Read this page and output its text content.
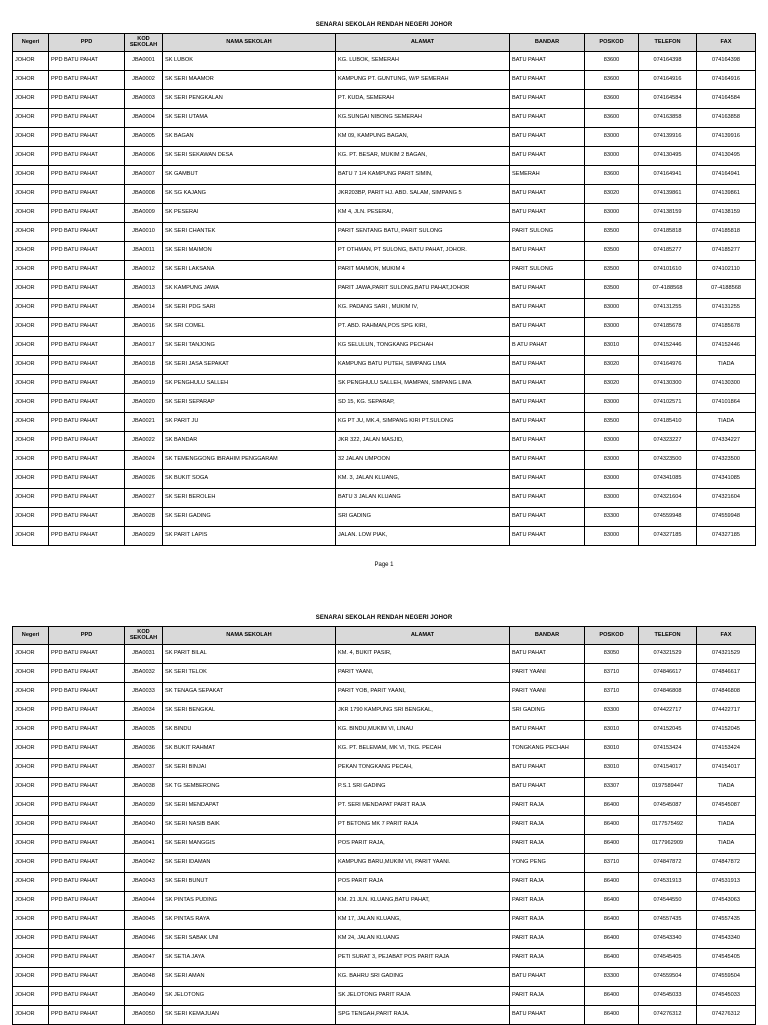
SENARAI SEKOLAH RENDAH NEGERI JOHOR
Negeri	PPD	KOD SEKOLAH	NAMA SEKOLAH	ALAMAT	BANDAR	POSKOD	TELEFON	FAX
JOHOR	PPD BATU PAHAT	JBA0001	SK LUBOK	KG. LUBOK, SEMERAH	BATU PAHAT	83600	074164398	074164398
JOHOR	PPD BATU PAHAT	JBA0002	SK SERI MAAMOR	KAMPUNG PT. GUNTUNG, W/P SEMERAH	BATU PAHAT	83600	074164916	074164916
JOHOR	PPD BATU PAHAT	JBA0003	SK SERI PENGKALAN	PT. KUDA, SEMERAH	BATU PAHAT	83600	074164584	074164584
JOHOR	PPD BATU PAHAT	JBA0004	SK SERI UTAMA	KG.SUNGAI NIBONG SEMERAH	BATU PAHAT	83600	074163858	074163858
JOHOR	PPD BATU PAHAT	JBA0005	SK BAGAN	KM 09, KAMPUNG BAGAN,	BATU PAHAT	83000	074139916	074139916
JOHOR	PPD BATU PAHAT	JBA0006	SK SERI SEKAWAN DESA	KG. PT. BESAR, MUKIM 2 BAGAN,	BATU PAHAT	83000	074130495	074130495
JOHOR	PPD BATU PAHAT	JBA0007	SK GAMBUT	BATU 7 1/4 KAMPUNG PARIT SIMIN,	SEMERAH	83600	074164941	074164941
JOHOR	PPD BATU PAHAT	JBA0008	SK SG KAJANG	JKR203BP, PARIT HJ. ABD. SALAM, SIMPANG 5	BATU PAHAT	83020	074139861	074139861
JOHOR	PPD BATU PAHAT	JBA0009	SK PESERAI	KM 4, JLN. PESERAI,	BATU PAHAT	83000	074138159	074138159
JOHOR	PPD BATU PAHAT	JBA0010	SK SERI CHANTEK	PARIT SENTANG BATU, PARIT SULONG	PARIT SULONG	83500	074185818	074185818
JOHOR	PPD BATU PAHAT	JBA0011	SK SERI MAIMON	PT OTHMAN, PT SULONG, BATU PAHAT, JOHOR.	BATU PAHAT	83500	074185277	074185277
JOHOR	PPD BATU PAHAT	JBA0012	SK SERI LAKSANA	PARIT MAIMON, MUKIM 4	PARIT SULONG	83500	074101610	074102110
JOHOR	PPD BATU PAHAT	JBA0013	SK KAMPUNG JAWA	PARIT JAWA,PARIT SULONG,BATU PAHAT,JOHOR	BATU PAHAT	83500	07-4188568	07-4188568
JOHOR	PPD BATU PAHAT	JBA0014	SK SERI PDG SARI	KG. PADANG SARI , MUKIM IV,	BATU PAHAT	83000	074131255	074131255
JOHOR	PPD BATU PAHAT	JBA0016	SK SRI COMEL	PT. ABD. RAHMAN,POS SPG KIRI,	BATU PAHAT	83000	074185678	074185678
JOHOR	PPD BATU PAHAT	JBA0017	SK SERI TANJONG	KG SELULUN, TONGKANG PECHAH	B ATU PAHAT	83010	074152446	074152446
JOHOR	PPD BATU PAHAT	JBA0018	SK SERI JASA SEPAKAT	KAMPUNG BATU PUTEH, SIMPANG LIMA	BATU PAHAT	83020	074164976	TIADA
JOHOR	PPD BATU PAHAT	JBA0019	SK PENGHULU SALLEH	SK PENGHULU SALLEH, MAMPAN, SIMPANG LIMA	BATU PAHAT	83020	074130300	074130300
JOHOR	PPD BATU PAHAT	JBA0020	SK SERI SEPARAP	SD 15, KG. SEPARAP,	BATU PAHAT	83000	074102571	074101864
JOHOR	PPD BATU PAHAT	JBA0021	SK PARIT JU	KG PT JU, MK.4, SIMPANG KIRI PT.SULONG	BATU PAHAT	83500	074185410	TIADA
JOHOR	PPD BATU PAHAT	JBA0022	SK BANDAR	JKR 322, JALAN MASJID,	BATU PAHAT	83000	074323227	074334227
JOHOR	PPD BATU PAHAT	JBA0024	SK TEMENGGONG IBRAHIM PENGGARAM	32 JALAN UMPOON	BATU PAHAT	83000	074323500	074323500
JOHOR	PPD BATU PAHAT	JBA0026	SK BUKIT SOGA	KM. 3, JALAN KLUANG,	BATU PAHAT	83000	074341085	074341085
JOHOR	PPD BATU PAHAT	JBA0027	SK SERI BEROLEH	BATU 3 JALAN KLUANG	BATU PAHAT	83000	074321604	074321604
JOHOR	PPD BATU PAHAT	JBA0028	SK SERI GADING	SRI GADING	BATU PAHAT	83300	074559948	074559948
JOHOR	PPD BATU PAHAT	JBA0029	SK PARIT LAPIS	JALAN. LOW PIAK,	BATU PAHAT	83000	074327185	074327185
Page 1
SENARAI SEKOLAH RENDAH NEGERI JOHOR
Negeri	PPD	KOD SEKOLAH	NAMA SEKOLAH	ALAMAT	BANDAR	POSKOD	TELEFON	FAX
JOHOR	PPD BATU PAHAT	JBA0031	SK PARIT BILAL	KM. 4, BUKIT PASIR,	BATU PAHAT	83050	074321529	074321529
JOHOR	PPD BATU PAHAT	JBA0032	SK SERI TELOK	PARIT YAANI,	PARIT YAANI	83710	074846617	074846617
JOHOR	PPD BATU PAHAT	JBA0033	SK TENAGA SEPAKAT	PARIT YOB, PARIT YAANI,	PARIT YAANI	83710	074846808	074846808
JOHOR	PPD BATU PAHAT	JBA0034	SK SERI BENGKAL	JKR 1790 KAMPUNG SRI BENGKAL,	SRI GADING	83300	074422717	074422717
JOHOR	PPD BATU PAHAT	JBA0035	SK BINDU	KG. BINDU,MUKIM VI, LINAU	BATU PAHAT	83010	074152045	074152045
JOHOR	PPD BATU PAHAT	JBA0036	SK BUKIT RAHMAT	KG. PT. BELEMAM, MK VI, TKG. PECAH	TONGKANG PECHAH	83010	074153424	074153424
JOHOR	PPD BATU PAHAT	JBA0037	SK SERI BINJAI	PEKAN TONGKANG PECAH,	BATU PAHAT	83010	074154017	074154017
JOHOR	PPD BATU PAHAT	JBA0038	SK TG SEMBERONG	P.S.1 SRI GADING	BATU PAHAT	83307	0197589447	TIADA
JOHOR	PPD BATU PAHAT	JBA0039	SK SERI MENDAPAT	PT. SERI MENDAPAT PARIT RAJA	PARIT RAJA	86400	074545087	074545087
JOHOR	PPD BATU PAHAT	JBA0040	SK SERI NASIB BAIK	PT BETONG MK 7 PARIT RAJA	PARIT RAJA	86400	0177575492	TIADA
JOHOR	PPD BATU PAHAT	JBA0041	SK SERI MANGGIS	POS PARIT RAJA,	PARIT RAJA	86400	0177962909	TIADA
JOHOR	PPD BATU PAHAT	JBA0042	SK SERI IDAMAN	KAMPUNG BARU,MUKIM VII, PARIT YAANI.	YONG PENG	83710	074847872	074847872
JOHOR	PPD BATU PAHAT	JBA0043	SK SERI BUNUT	POS PARIT RAJA	PARIT RAJA	86400	074531913	074531913
JOHOR	PPD BATU PAHAT	JBA0044	SK PINTAS PUDING	KM. 21 JLN. KLUANG,BATU PAHAT,	PARIT RAJA	86400	074544550	074543063
JOHOR	PPD BATU PAHAT	JBA0045	SK PINTAS RAYA	KM 17, JALAN KLUANG,	PARIT RAJA	86400	074557435	074557435
JOHOR	PPD BATU PAHAT	JBA0046	SK SERI SABAK UNI	KM 24, JALAN KLUANG	PARIT RAJA	86400	074543340	074543340
JOHOR	PPD BATU PAHAT	JBA0047	SK SETIA JAYA	PETI SURAT 3, PEJABAT POS PARIT RAJA	PARIT RAJA	86400	074545405	074545405
JOHOR	PPD BATU PAHAT	JBA0048	SK SERI AMAN	KG. BAHRU SRI GADING	BATU PAHAT	83300	074559504	074559504
JOHOR	PPD BATU PAHAT	JBA0049	SK JELOTONG	SK JELOTONG PARIT RAJA	PARIT RAJA	86400	074545033	074545033
JOHOR	PPD BATU PAHAT	JBA0050	SK SERI KEMAJUAN	SPG TENGAH,PARIT RAJA.	BATU PAHAT	86400	074276312	074276312
